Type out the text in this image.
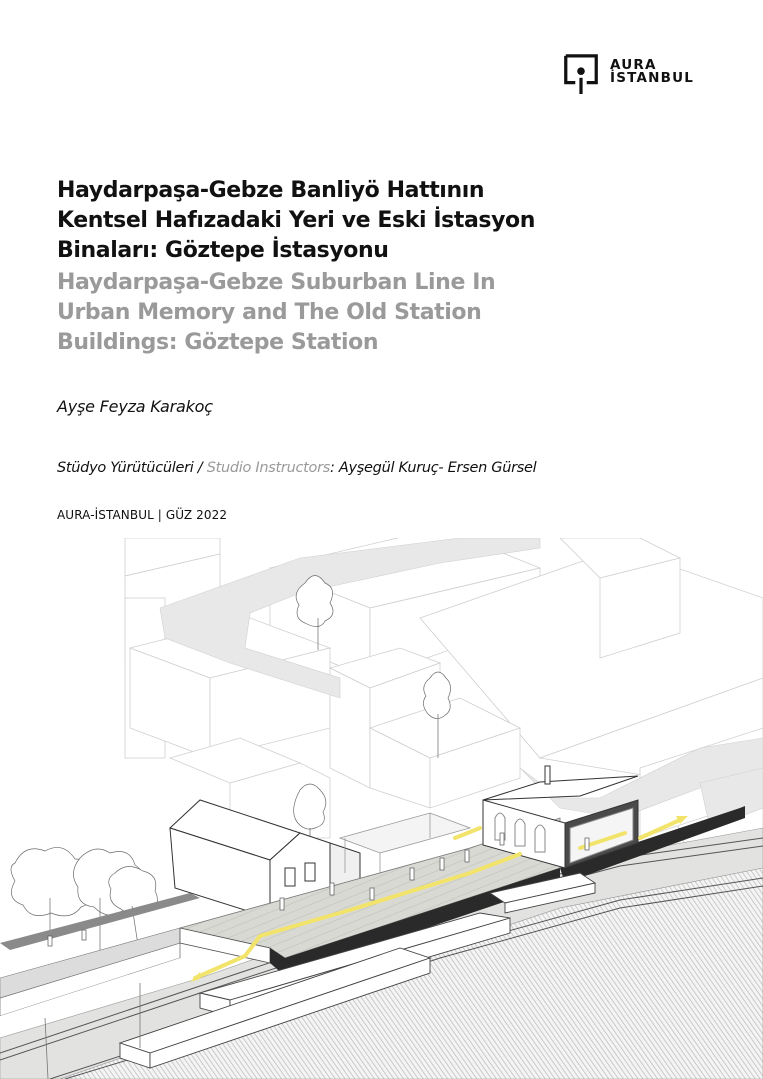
AURA
İSTANBUL
Haydarpaşa-Gebze Banliyö Hattının
Kentsel Hafızadaki Yeri ve Eski İstasyon
Binaları: Göztepe İstasyonu
Haydarpaşa-Gebze Suburban Line In
Urban Memory and The Old Station
Buildings: Göztepe Station
Ayşe Feyza Karakoç
Stüdyo Yürütücüleri / Studio Instructors: Ayşegül Kuruç- Ersen Gürsel
AURA-İSTANBUL | GÜZ 2022
